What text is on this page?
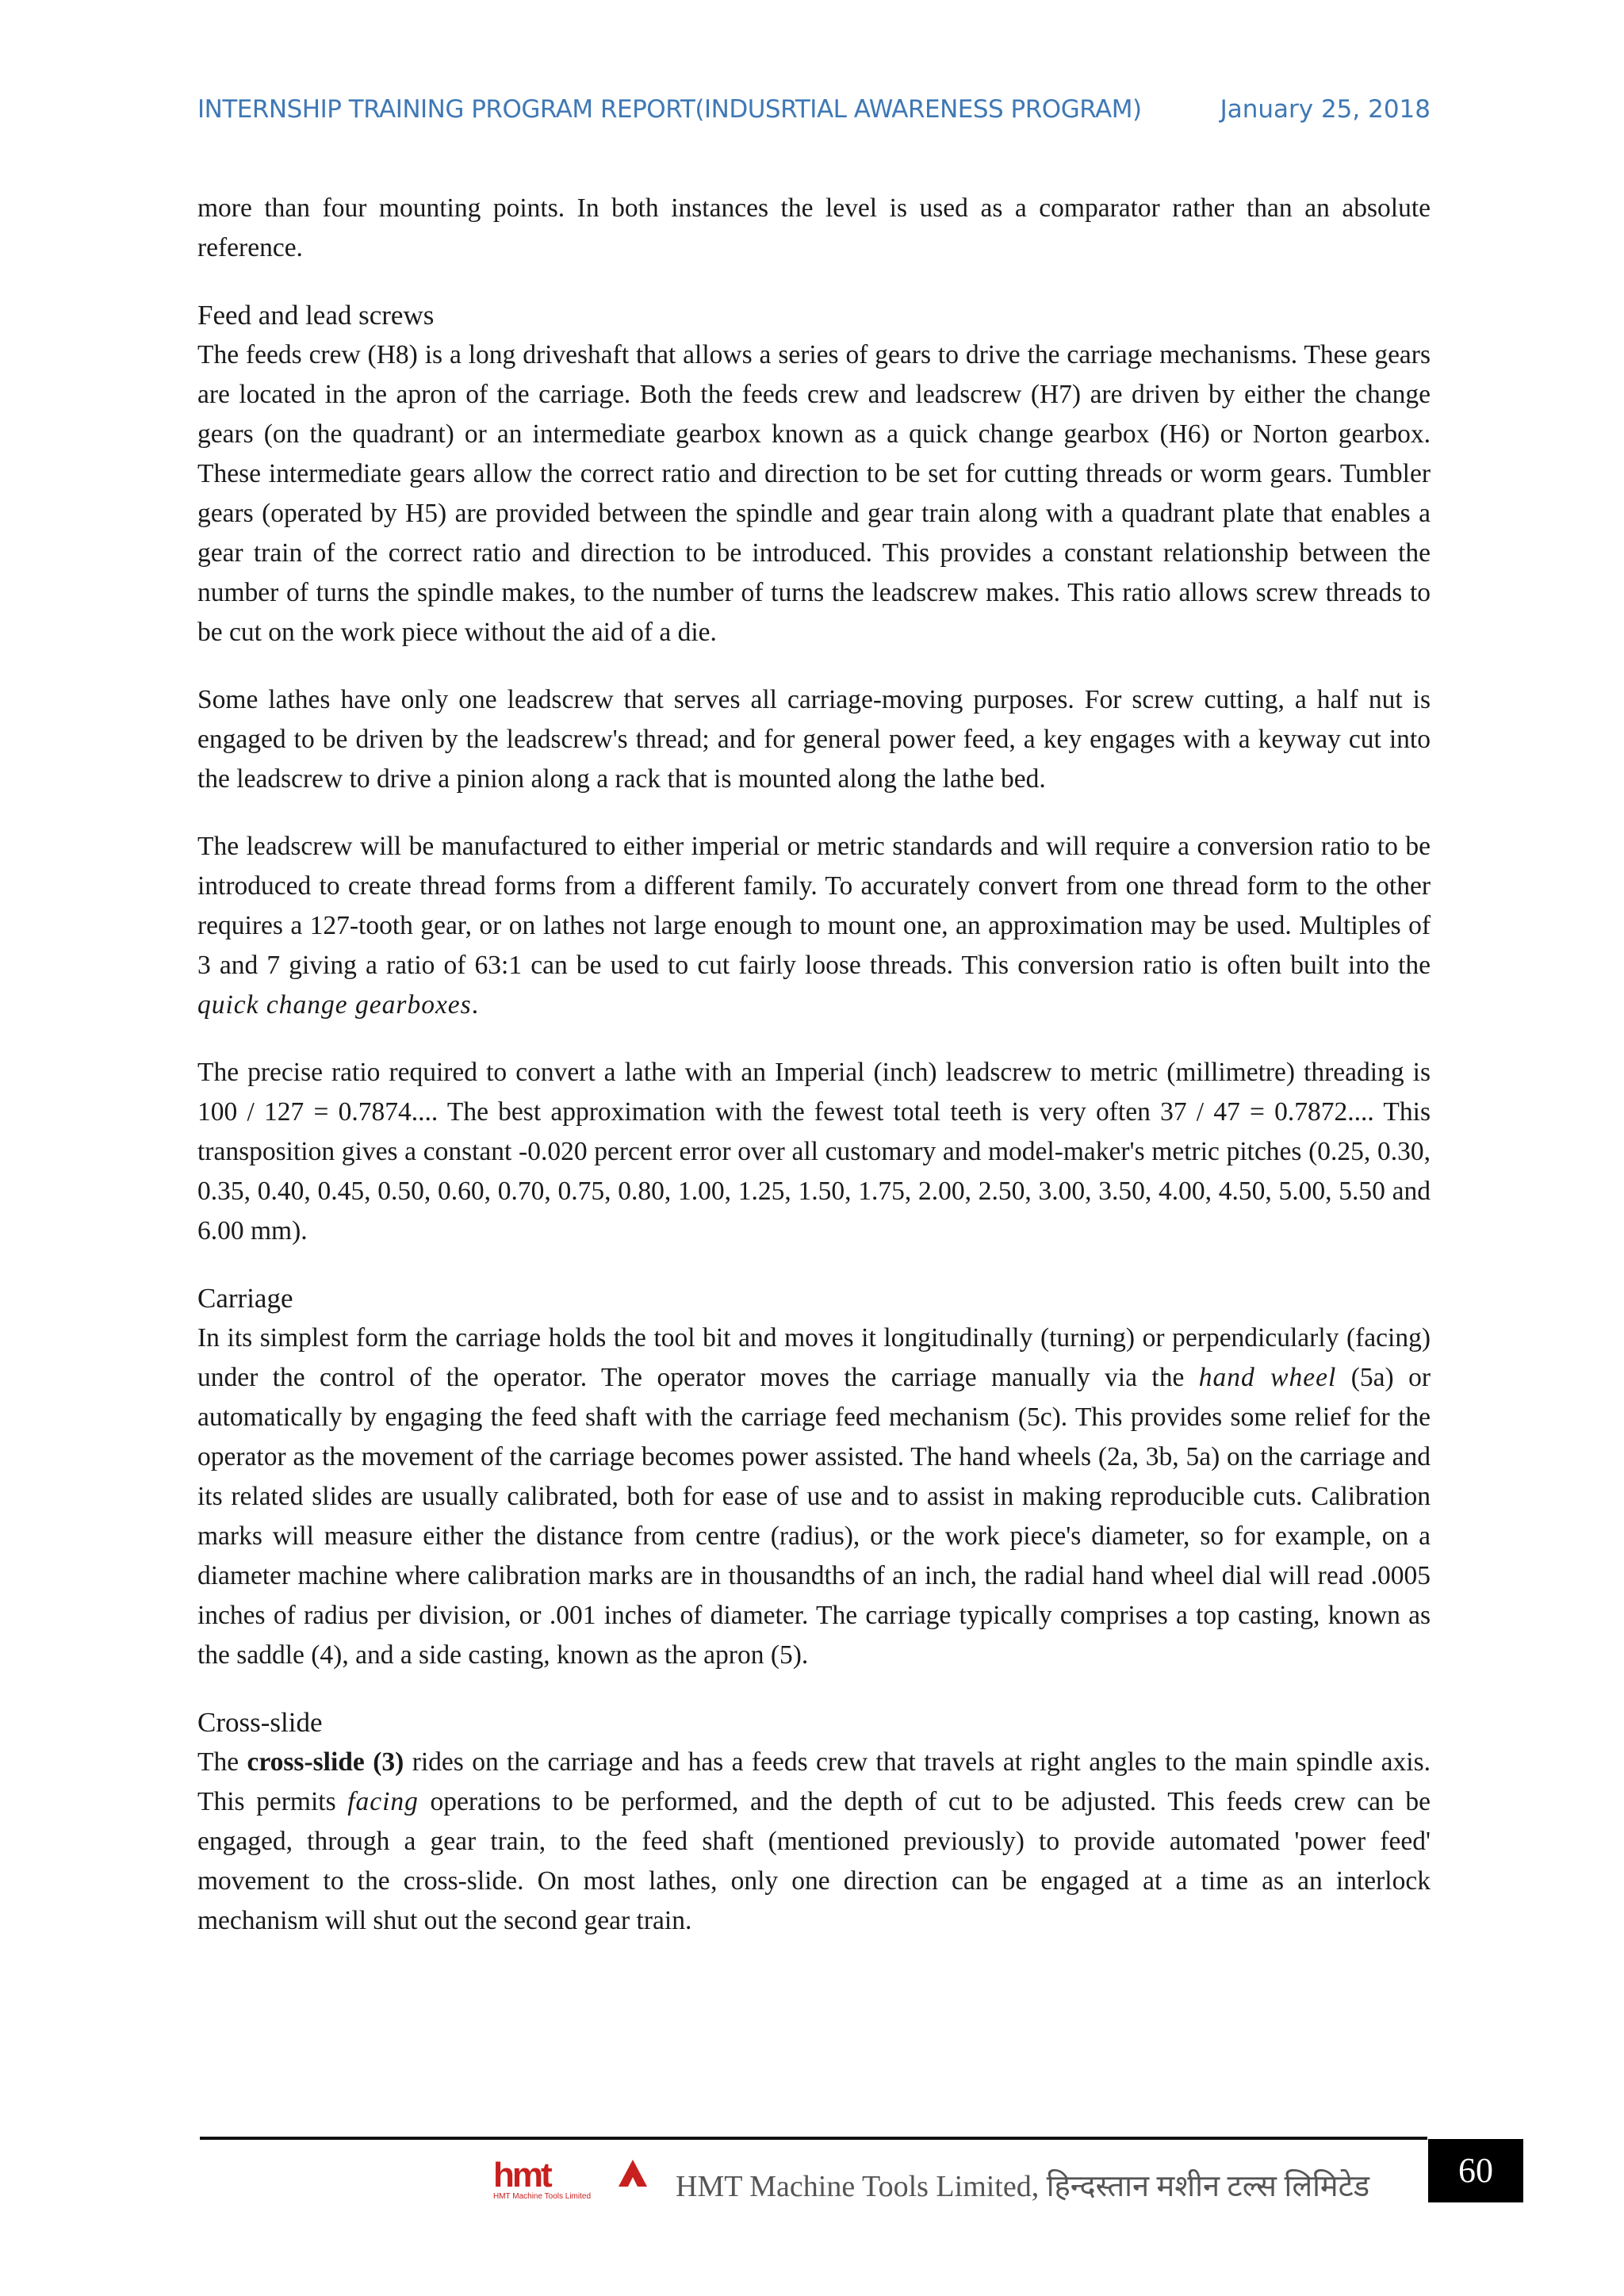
INTERNSHIP TRAINING PROGRAM REPORT(INDUSRTIAL AWARENESS PROGRAM)	January 25, 2018

more than four mounting points. In both instances the level is used as a comparator rather than an absolute reference.

Feed and lead screws

The feeds crew (H8) is a long driveshaft that allows a series of gears to drive the carriage mechanisms. These gears are located in the apron of the carriage. Both the feeds crew and leadscrew (H7) are driven by either the change gears (on the quadrant) or an intermediate gearbox known as a quick change gearbox (H6) or Norton gearbox. These intermediate gears allow the correct ratio and direction to be set for cutting threads or worm gears. Tumbler gears (operated by H5) are provided between the spindle and gear train along with a quadrant plate that enables a gear train of the correct ratio and direction to be introduced. This provides a constant relationship between the number of turns the spindle makes, to the number of turns the leadscrew makes. This ratio allows screw threads to be cut on the work piece without the aid of a die.

Some lathes have only one leadscrew that serves all carriage-moving purposes. For screw cutting, a half nut is engaged to be driven by the leadscrew's thread; and for general power feed, a key engages with a keyway cut into the leadscrew to drive a pinion along a rack that is mounted along the lathe bed.

The leadscrew will be manufactured to either imperial or metric standards and will require a conversion ratio to be introduced to create thread forms from a different family. To accurately convert from one thread form to the other requires a 127-tooth gear, or on lathes not large enough to mount one, an approximation may be used. Multiples of 3 and 7 giving a ratio of 63:1 can be used to cut fairly loose threads. This conversion ratio is often built into the quick change gearboxes.

The precise ratio required to convert a lathe with an Imperial (inch) leadscrew to metric (millimetre) threading is 100 / 127 = 0.7874.... The best approximation with the fewest total teeth is very often 37 / 47 = 0.7872.... This transposition gives a constant -0.020 percent error over all customary and model-maker's metric pitches (0.25, 0.30, 0.35, 0.40, 0.45, 0.50, 0.60, 0.70, 0.75, 0.80, 1.00, 1.25, 1.50, 1.75, 2.00, 2.50, 3.00, 3.50, 4.00, 4.50, 5.00, 5.50 and 6.00 mm).

Carriage

In its simplest form the carriage holds the tool bit and moves it longitudinally (turning) or perpendicularly (facing) under the control of the operator. The operator moves the carriage manually via the hand wheel (5a) or automatically by engaging the feed shaft with the carriage feed mechanism (5c). This provides some relief for the operator as the movement of the carriage becomes power assisted. The hand wheels (2a, 3b, 5a) on the carriage and its related slides are usually calibrated, both for ease of use and to assist in making reproducible cuts. Calibration marks will measure either the distance from centre (radius), or the work piece's diameter, so for example, on a diameter machine where calibration marks are in thousandths of an inch, the radial hand wheel dial will read .0005 inches of radius per division, or .001 inches of diameter. The carriage typically comprises a top casting, known as the saddle (4), and a side casting, known as the apron (5).

Cross-slide

The cross-slide (3) rides on the carriage and has a feeds crew that travels at right angles to the main spindle axis. This permits facing operations to be performed, and the depth of cut to be adjusted. This feeds crew can be engaged, through a gear train, to the feed shaft (mentioned previously) to provide automated 'power feed' movement to the cross-slide. On most lathes, only one direction can be engaged at a time as an interlock mechanism will shut out the second gear train.

hmt
HMT Machine Tools Limited	HMT Machine Tools Limited, हिन्दस्तान मशीन टल्स लिमिटेड	60
